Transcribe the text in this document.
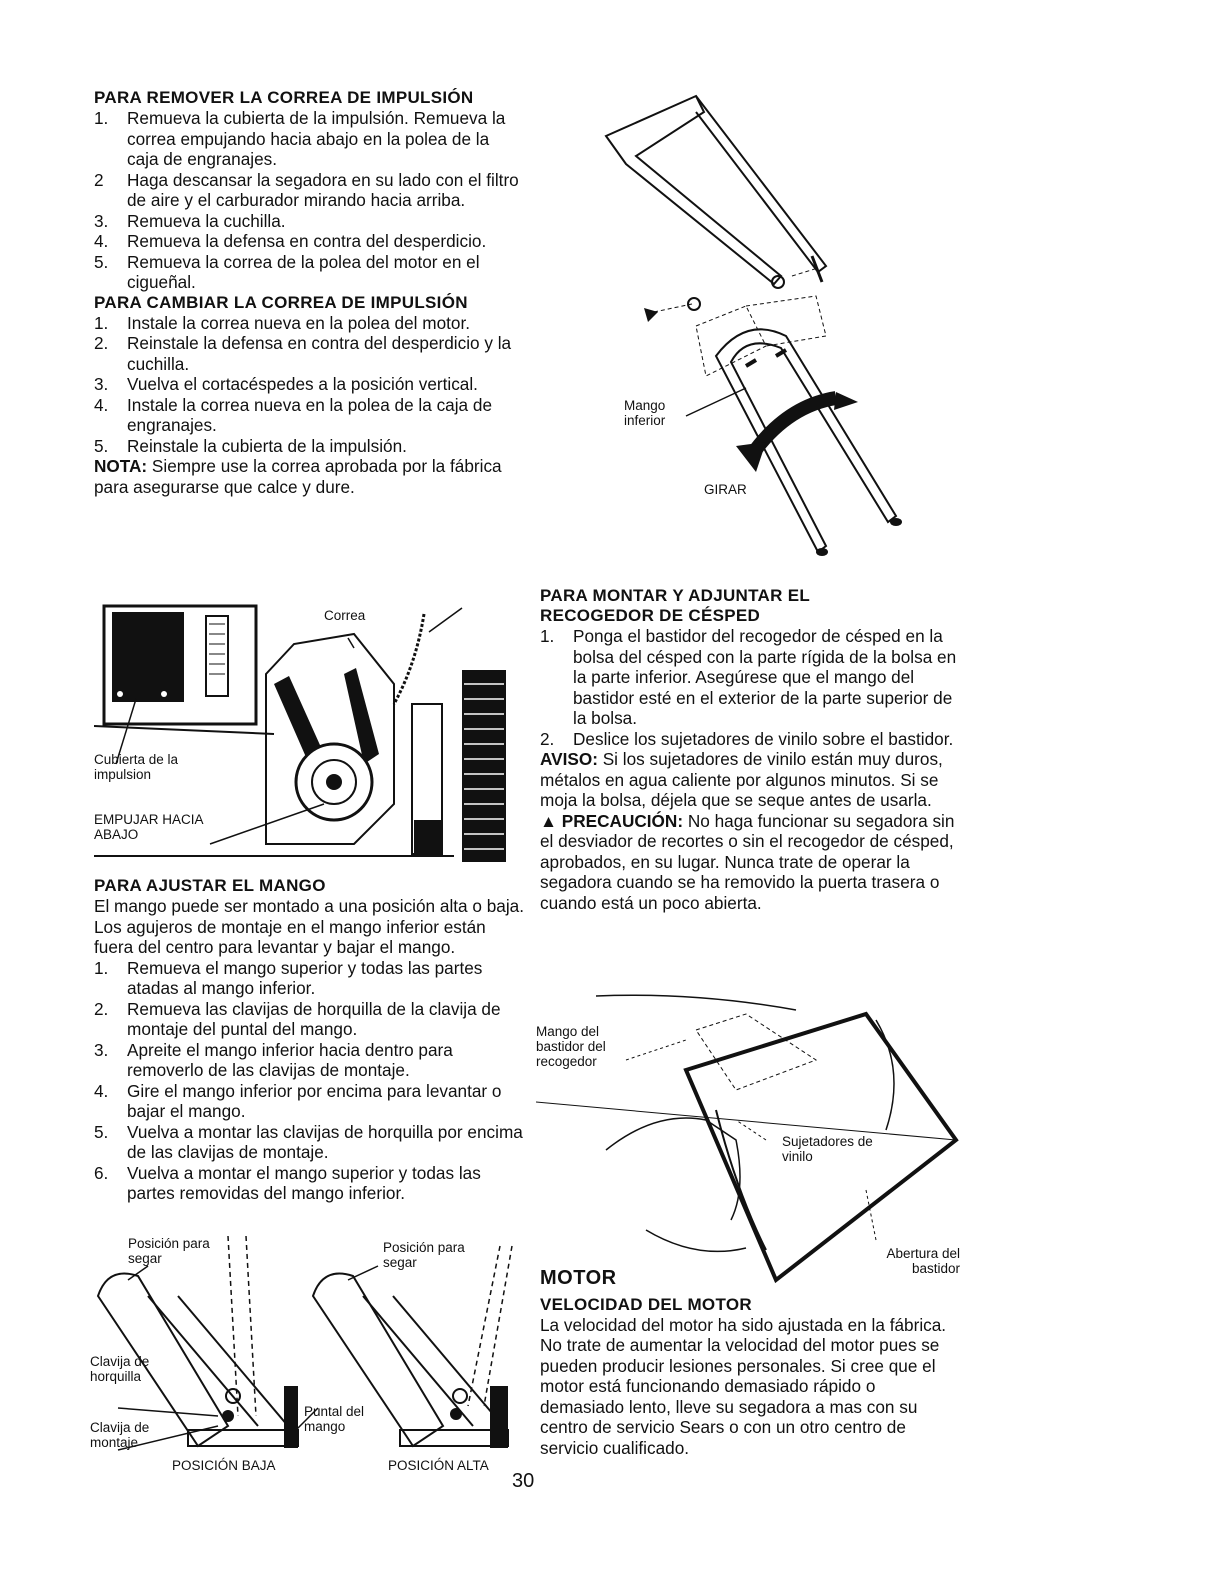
PARA REMOVER LA CORREA DE IMPULSIÓN
1. Remueva la cubierta de la impulsión. Remueva la correa empujando hacia abajo en la polea de la caja de engranajes.
2 Haga descansar la segadora en su lado con el filtro de aire y el carburador mirando hacia arriba.
3. Remueva la cuchilla.
4. Remueva la defensa en contra del desperdicio.
5. Remueva la correa de la polea del motor en el cigueñal.
PARA CAMBIAR LA CORREA DE IMPULSIÓN
1. Instale la correa nueva en la polea del motor.
2. Reinstale la defensa en contra del desperdicio y la cuchilla.
3. Vuelva el cortacéspedes a la posición vertical.
4. Instale la correa nueva en la polea de la caja de engranajes.
5. Reinstale la cubierta de la impulsión.

NOTA: Siempre use la correa aprobada por la fábrica para asegurarse que calce y dure.

Correa
Cubierta de la impulsion
EMPUJAR HACIA ABAJO
PARA AJUSTAR EL MANGO

El mango puede ser montado a una posición alta o baja. Los agujeros de montaje en el mango inferior están fuera del centro para levantar y bajar el mango.

1. Remueva el mango superior y todas las partes atadas al mango inferior.
2. Remueva las clavijas de horquilla de la clavija de montaje del puntal del mango.
3. Apreite el mango inferior hacia dentro para removerlo de las clavijas de montaje.
4. Gire el mango inferior por encima para levantar o bajar el mango.
5. Vuelva a montar las clavijas de horquilla por encima de las clavijas de montaje.
6. Vuelva a montar el mango superior y todas las partes removidas del mango inferior.
Posición para segar
Posición para segar
Clavija de horquilla
Clavija de montaje
Puntal del mango
POSICIÓN BAJA	POSICIÓN ALTA
Mango inferior
GIRAR
PARA MONTAR Y ADJUNTAR EL
RECOGEDOR DE CÉSPED
1. Ponga el bastidor del recogedor de césped en la bolsa del césped con la parte rígida de la bolsa en la parte inferior. Asegúrese que el mango del bastidor esté en el exterior de la parte superior de la bolsa.
2. Deslice los sujetadores de vinilo sobre el bastidor.

AVISO: Si los sujetadores de vinilo están muy duros, métalos en agua caliente por algunos minutos. Si se moja la bolsa, déjela que se seque antes de usarla.

▲ PRECAUCIÓN: No haga funcionar su segadora sin el desviador de recortes o sin el recogedor de césped, aprobados, en su lugar. Nunca trate de operar la segadora cuando se ha removido la puerta trasera o cuando está un poco abierta.

Mango del bastidor del recogedor
Sujetadores de vinilo
Abertura del bastidor
MOTOR
VELOCIDAD DEL MOTOR

La velocidad del motor ha sido ajustada en la fábrica. No trate de aumentar la velocidad del motor pues se pueden producir lesiones personales. Si cree que el motor está funcionando demasiado rápido o demasiado lento, lleve su segadora a mas con su centro de servicio Sears o con un otro centro de servicio cualificado.

30
